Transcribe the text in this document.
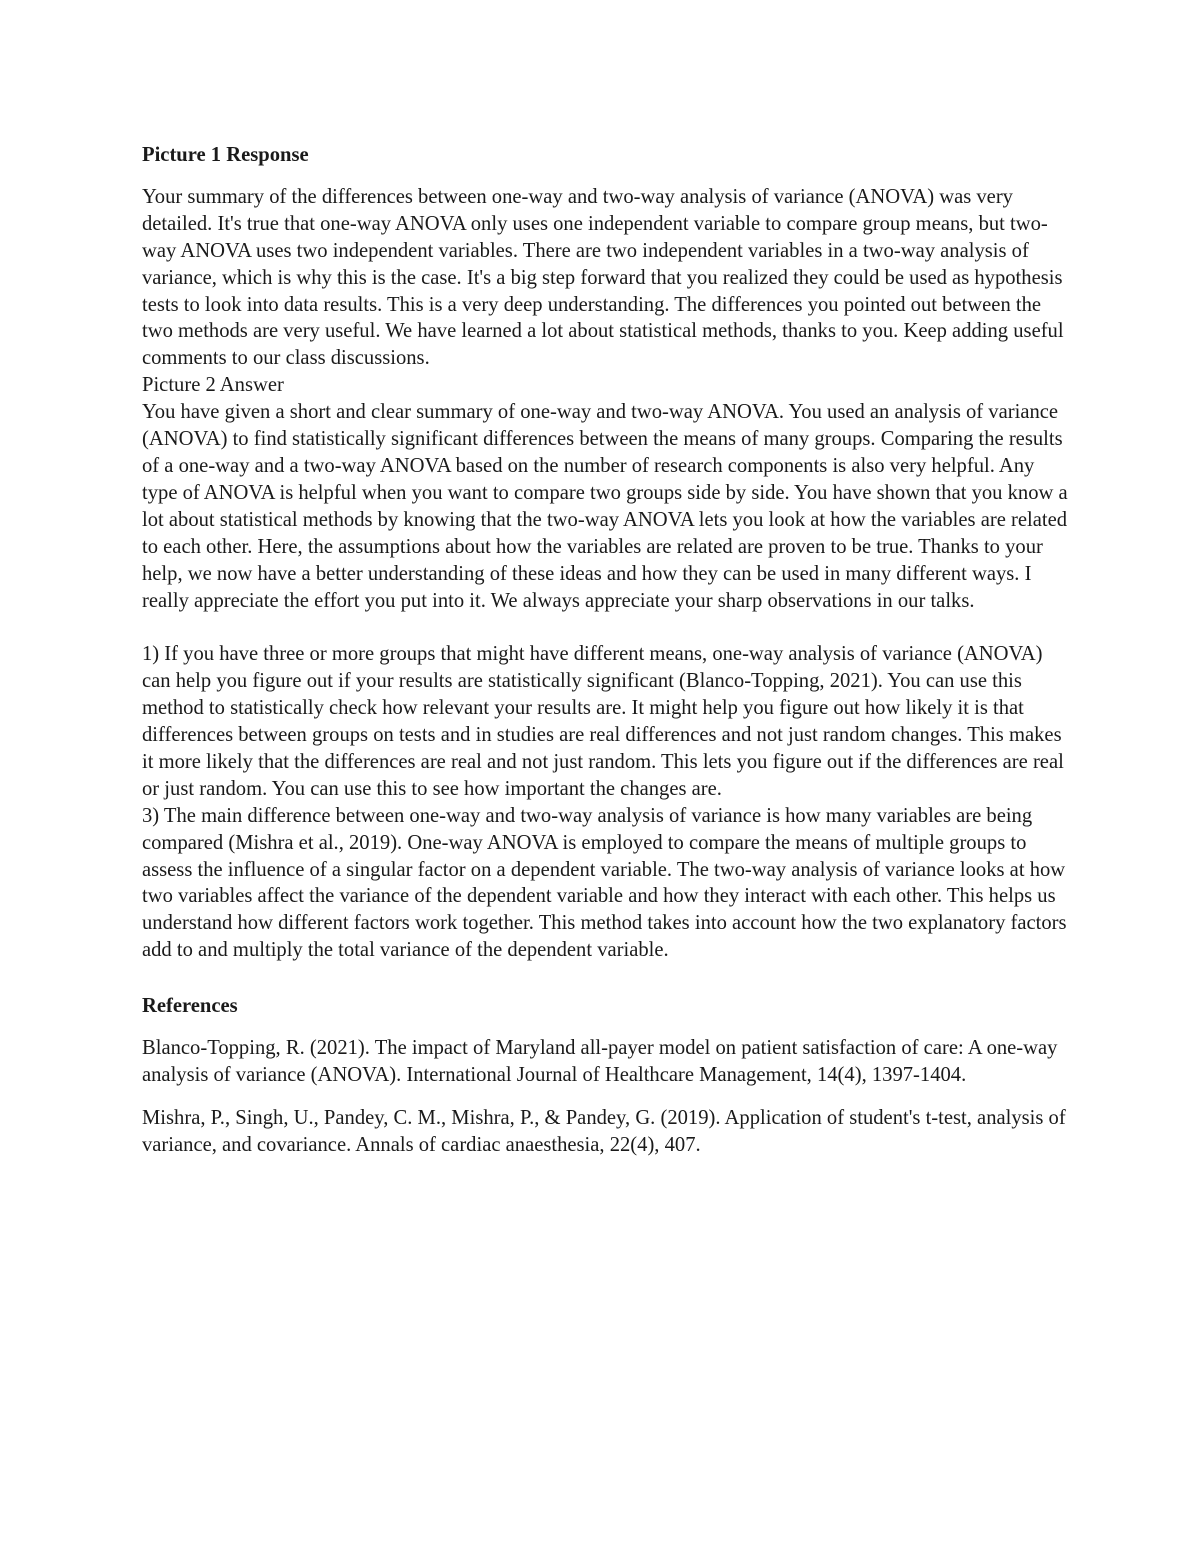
Picture 1 Response

Your summary of the differences between one-way and two-way analysis of variance (ANOVA) was very detailed. It's true that one-way ANOVA only uses one independent variable to compare group means, but two-way ANOVA uses two independent variables. There are two independent variables in a two-way analysis of variance, which is why this is the case. It's a big step forward that you realized they could be used as hypothesis tests to look into data results. This is a very deep understanding. The differences you pointed out between the two methods are very useful. We have learned a lot about statistical methods, thanks to you. Keep adding useful comments to our class discussions.

Picture 2 Answer

You have given a short and clear summary of one-way and two-way ANOVA. You used an analysis of variance (ANOVA) to find statistically significant differences between the means of many groups. Comparing the results of a one-way and a two-way ANOVA based on the number of research components is also very helpful. Any type of ANOVA is helpful when you want to compare two groups side by side. You have shown that you know a lot about statistical methods by knowing that the two-way ANOVA lets you look at how the variables are related to each other. Here, the assumptions about how the variables are related are proven to be true. Thanks to your help, we now have a better understanding of these ideas and how they can be used in many different ways. I really appreciate the effort you put into it. We always appreciate your sharp observations in our talks.

1) If you have three or more groups that might have different means, one-way analysis of variance (ANOVA) can help you figure out if your results are statistically significant (Blanco-Topping, 2021). You can use this method to statistically check how relevant your results are. It might help you figure out how likely it is that differences between groups on tests and in studies are real differences and not just random changes. This makes it more likely that the differences are real and not just random. This lets you figure out if the differences are real or just random. You can use this to see how important the changes are.

3) The main difference between one-way and two-way analysis of variance is how many variables are being compared (Mishra et al., 2019). One-way ANOVA is employed to compare the means of multiple groups to assess the influence of a singular factor on a dependent variable. The two-way analysis of variance looks at how two variables affect the variance of the dependent variable and how they interact with each other. This helps us understand how different factors work together. This method takes into account how the two explanatory factors add to and multiply the total variance of the dependent variable.

References

Blanco-Topping, R. (2021). The impact of Maryland all-payer model on patient satisfaction of care: A one-way analysis of variance (ANOVA). International Journal of Healthcare Management, 14(4), 1397-1404.

Mishra, P., Singh, U., Pandey, C. M., Mishra, P., & Pandey, G. (2019). Application of student's t-test, analysis of variance, and covariance. Annals of cardiac anaesthesia, 22(4), 407.
